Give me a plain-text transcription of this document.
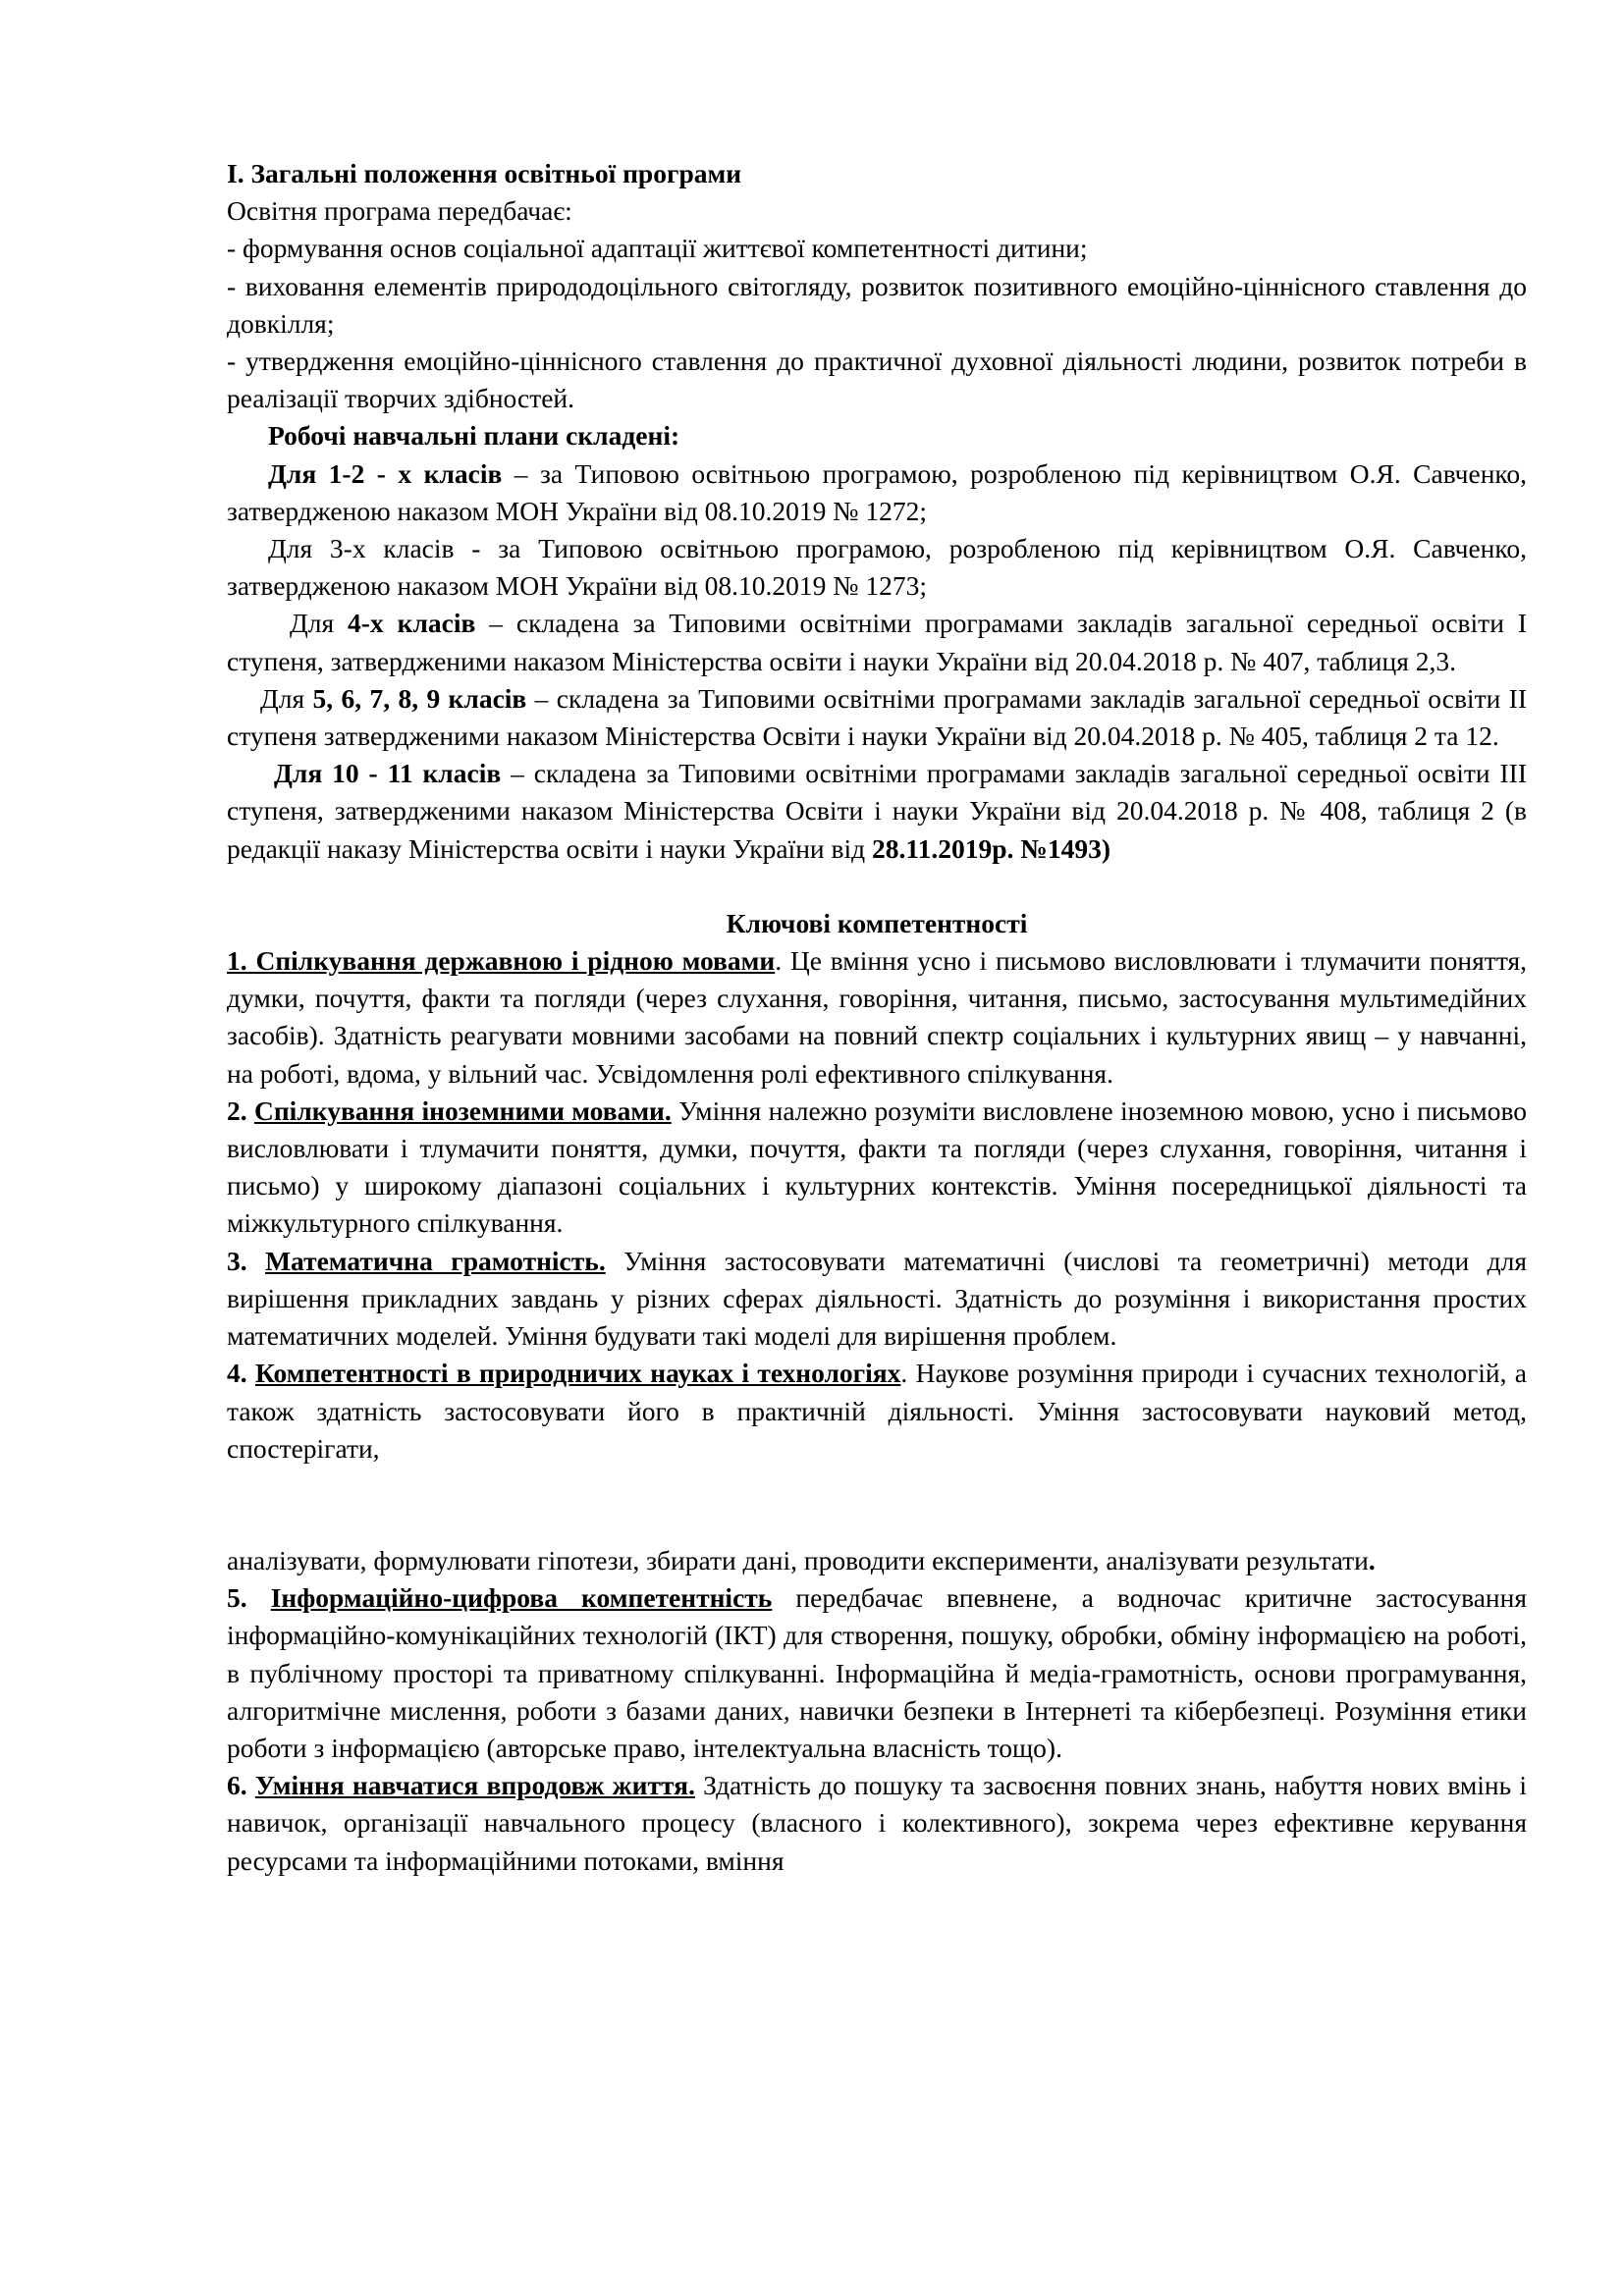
І. Загальні положення освітньої програми

Освітня програма передбачає:

- формування основ соціальної адаптації життєвої компетентності дитини;

- виховання елементів природодоцільного світогляду, розвиток позитивного емоційно-ціннісного ставлення до довкілля;

- утвердження емоційно-ціннісного ставлення до практичної духовної діяльності людини, розвиток потреби в реалізації творчих здібностей.

Робочі навчальні плани складені:

Для 1-2 - х класів – за Типовою освітньою програмою, розробленою під керівництвом О.Я. Савченко, затвердженою наказом МОН України від 08.10.2019 № 1272;

Для 3-х класів - за Типовою освітньою програмою, розробленою під керівництвом О.Я. Савченко, затвердженою наказом МОН України від 08.10.2019 № 1273;

Для 4-х класів – складена за Типовими освітніми програмами закладів загальної середньої освіти І ступеня, затвердженими наказом Міністерства освіти і науки України від 20.04.2018 р. № 407, таблиця 2,3.

Для 5, 6, 7, 8, 9 класів – складена за Типовими освітніми програмами закладів загальної середньої освіти ІІ ступеня затвердженими наказом Міністерства Освіти і науки України від 20.04.2018 р. № 405, таблиця 2 та 12.

Для 10 - 11 класів – складена за Типовими освітніми програмами закладів загальної середньої освіти ІІІ ступеня, затвердженими наказом Міністерства Освіти і науки України від 20.04.2018 р. № 408, таблиця 2 (в редакції наказу Міністерства освіти і науки України від 28.11.2019р. №1493)

Ключові компетентності

1. Спілкування державною і рідною мовами. Це вміння усно і письмово висловлювати і тлумачити поняття, думки, почуття, факти та погляди (через слухання, говоріння, читання, письмо, застосування мультимедійних засобів). Здатність реагувати мовними засобами на повний спектр соціальних і культурних явищ – у навчанні, на роботі, вдома, у вільний час. Усвідомлення ролі ефективного спілкування.

2. Спілкування іноземними мовами. Уміння належно розуміти висловлене іноземною мовою, усно і письмово висловлювати і тлумачити поняття, думки, почуття, факти та погляди (через слухання, говоріння, читання і письмо) у широкому діапазоні соціальних і культурних контекстів. Уміння посередницької діяльності та міжкультурного спілкування.

3. Математична грамотність. Уміння застосовувати математичні (числові та геометричні) методи для вирішення прикладних завдань у різних сферах діяльності. Здатність до розуміння і використання простих математичних моделей. Уміння будувати такі моделі для вирішення проблем.

4. Компетентності в природничих науках і технологіях. Наукове розуміння природи і сучасних технологій, а також здатність застосовувати його в практичній діяльності. Уміння застосовувати науковий метод, спостерігати,

аналізувати, формулювати гіпотези, збирати дані, проводити експерименти, аналізувати результати.

5. Інформаційно-цифрова компетентність передбачає впевнене, а водночас критичне застосування інформаційно-комунікаційних технологій (ІКТ) для створення, пошуку, обробки, обміну інформацією на роботі, в публічному просторі та приватному спілкуванні. Інформаційна й медіа-грамотність, основи програмування, алгоритмічне мислення, роботи з базами даних, навички безпеки в Інтернеті та кібербезпеці. Розуміння етики роботи з інформацією (авторське право, інтелектуальна власність тощо).

6. Уміння навчатися впродовж життя. Здатність до пошуку та засвоєння повних знань, набуття нових вмінь і навичок, організації навчального процесу (власного і колективного), зокрема через ефективне керування ресурсами та інформаційними потоками, вміння
